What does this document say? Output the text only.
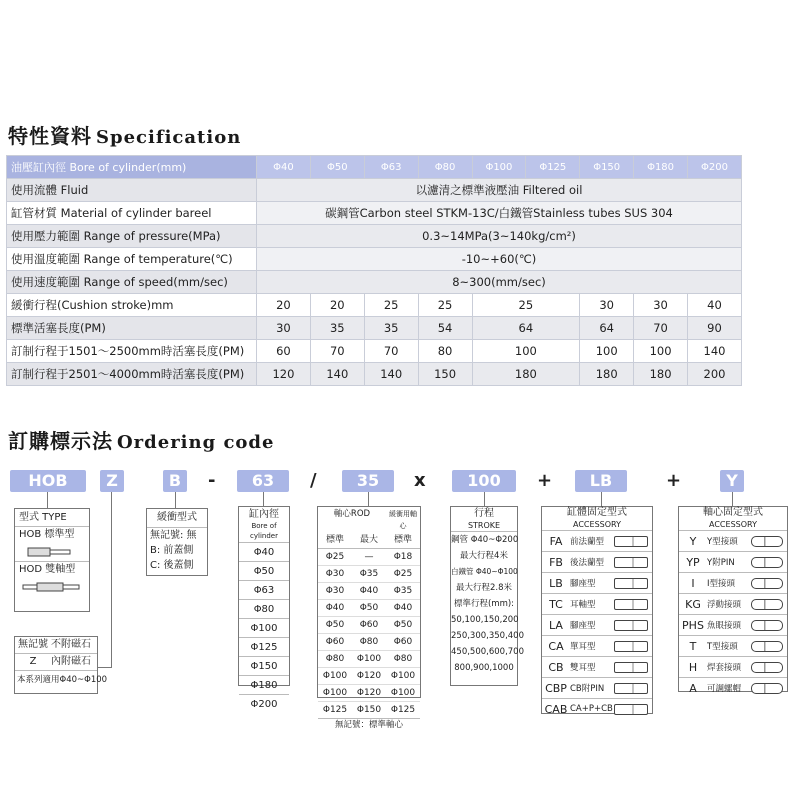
特性資料 Specification
油壓缸內徑 Bore of cylinder(mm)	Φ40	Φ50	Φ63	Φ80	Φ100	Φ125	Φ150	Φ180	Φ200
使用流體 Fluid	以濾清之標準液壓油 Filtered oil								
缸管材質 Material of cylinder bareel	碳鋼管Carbon steel STKM-13C/白鐵管Stainless tubes SUS 304								
使用壓力範圍 Range of pressure(MPa)	0.3~14MPa(3~140kg/cm²)								
使用溫度範圍 Range of temperature(℃)	-10~+60(℃)								
使用速度範圍 Range of speed(mm/sec)	8~300(mm/sec)								
緩衝行程(Cushion stroke)mm	20	20	25	25	25		30	30	40
標準活塞長度(PM)	30	35	35	54	64		64	70	90
訂制行程于1501～2500mm時活塞長度(PM)	60	70	70	80	100		100	100	140
訂制行程于2501～4000mm時活塞長度(PM)	120	140	140	150	180		180	180	200
訂購標示法 Ordering code
HOB	Z	B	-	63	/	35	x	100	+	LB	+	Y
型式 TYPE
HOB 標準型
HOD 雙軸型
無記號 不附磁石
Z	內附磁石
本系列適用Φ40~Φ100
緩衝型式
無記號: 無
B: 前蓋側
C: 後蓋側
缸內徑
Bore of cylinder
Φ40
Φ50
Φ63
Φ80
Φ100
Φ125
Φ150
Φ180
Φ200
軸心ROD	緩衝用軸心
標準	最大	標準
Φ25	—	Φ18
Φ30	Φ35	Φ25
Φ30	Φ40	Φ35
Φ40	Φ50	Φ40
Φ50	Φ60	Φ50
Φ60	Φ80	Φ60
Φ80	Φ100	Φ80
Φ100	Φ120	Φ100
Φ100	Φ120	Φ100
Φ125	Φ150	Φ125
無記號：標準軸心
行程
STROKE
鋼管 Φ40~Φ200
最大行程4米
白鐵管 Φ40~Φ100
最大行程2.8米
標準行程(mm):
50,100,150,200
250,300,350,400
450,500,600,700
800,900,1000
缸體固定型式
ACCESSORY
FA 前法蘭型
FB 後法蘭型
LB 腳座型
TC 耳軸型
LA 腳座型
CA 單耳型
CB 雙耳型
CBP CB附PIN
CAB CA+P+CB
軸心固定型式
ACCESSORY
Y	Y型接頭
YP Y附PIN
I	I型接頭
KG 浮動接頭
PHS 魚眼接頭
T	T型接頭
H	焊套接頭
A	可調螺帽
